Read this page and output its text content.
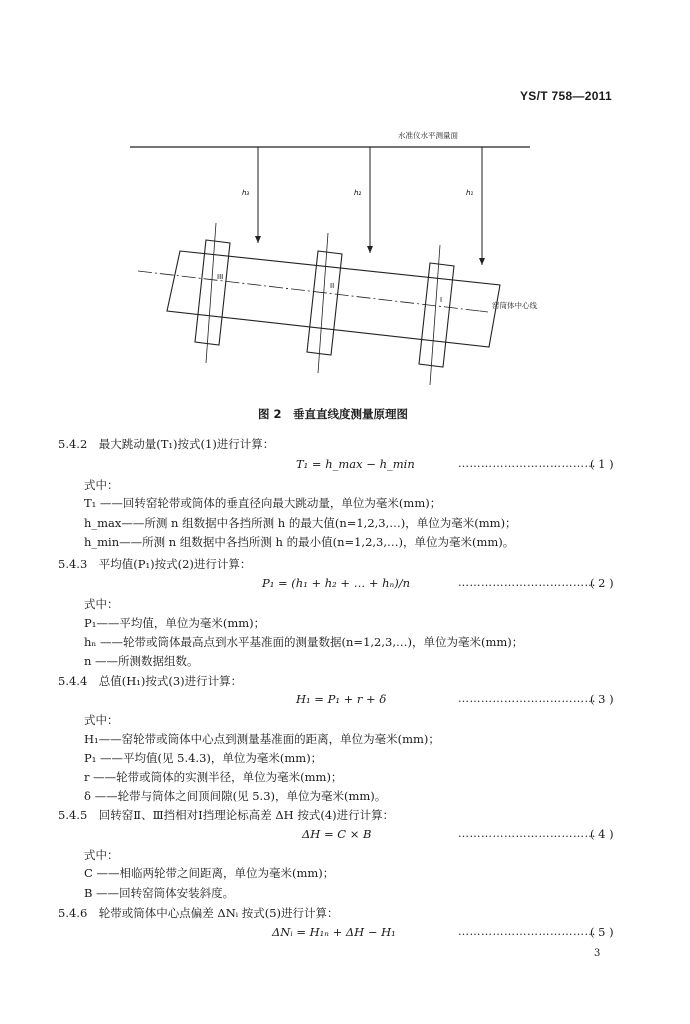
YS/T 758—2011
水准仪水平测量面
h₃	h₂	h₁
窑筒体中心线
III
II
I
图 2　垂直直线度测量原理图
5.4.2　最大跳动量(T₁)按式(1)进行计算：
T₁ = h_max − h_min	………………………………
( 1 )
式中：
T₁ ——回转窑轮带或筒体的垂直径向最大跳动量，单位为毫米(mm)；
h_max——所测 n 组数据中各挡所测 h 的最大值(n=1,2,3,…)，单位为毫米(mm)；
h_min——所测 n 组数据中各挡所测 h 的最小值(n=1,2,3,…)，单位为毫米(mm)。
5.4.3　平均值(P₁)按式(2)进行计算：
P₁ = (h₁ + h₂ + … + hₙ)/n	………………………………
( 2 )
式中：
P₁——平均值，单位为毫米(mm)；
hₙ ——轮带或筒体最高点到水平基准面的测量数据(n=1,2,3,…)，单位为毫米(mm)；
n ——所测数据组数。
5.4.4　总值(H₁)按式(3)进行计算：
H₁ = P₁ + r + δ	………………………………
( 3 )
式中：
H₁——窑轮带或筒体中心点到测量基准面的距离，单位为毫米(mm)；
P₁ ——平均值(见 5.4.3)，单位为毫米(mm)；
r ——轮带或筒体的实测半径，单位为毫米(mm)；
δ ——轮带与筒体之间顶间隙(见 5.3)，单位为毫米(mm)。
5.4.5　回转窑Ⅱ、Ⅲ挡相对Ⅰ挡理论标高差 ΔH 按式(4)进行计算：
ΔH = C × B	………………………………
( 4 )
式中：
C ——相临两轮带之间距离，单位为毫米(mm)；
B ——回转窑筒体安装斜度。
5.4.6　轮带或筒体中心点偏差 ΔNᵢ 按式(5)进行计算：
ΔNᵢ = H₁ₙ + ΔH − H₁	………………………………
( 5 )
3
